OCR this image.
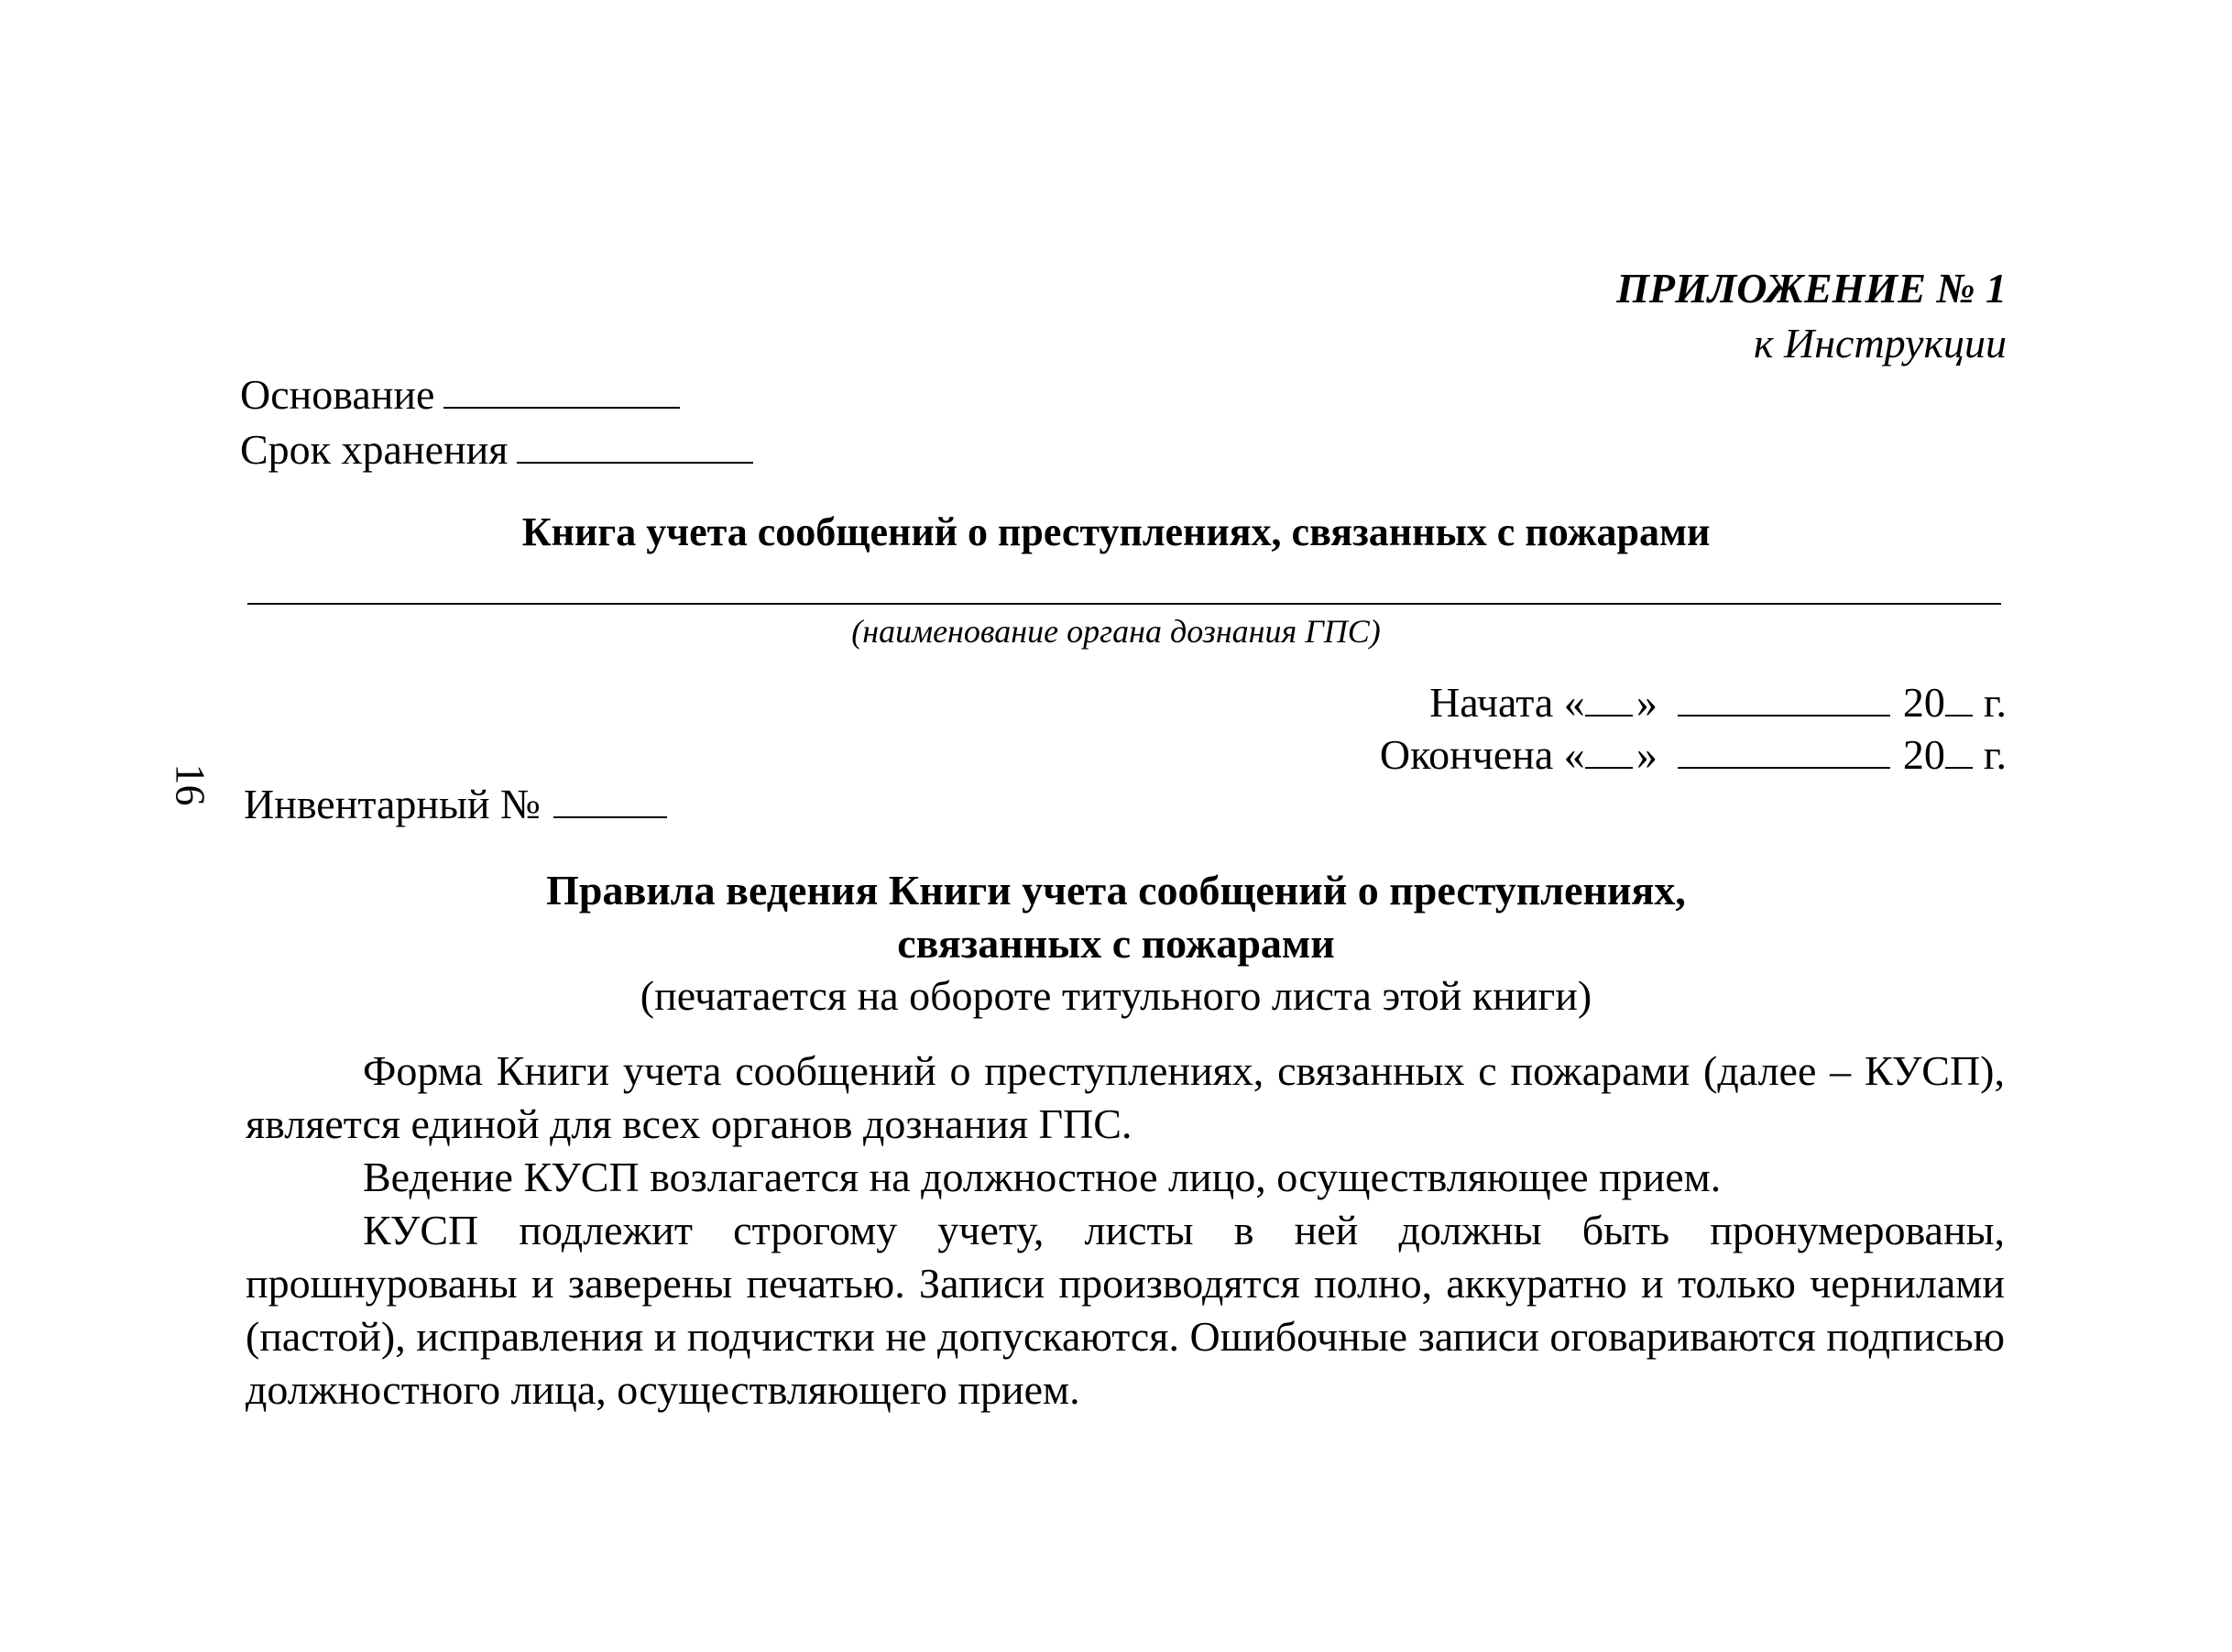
ПРИЛОЖЕНИЕ № 1
к Инструкции
Основание
Срок хранения
Книга учета сообщений о преступлениях, связанных с пожарами
(наименование органа дознания ГПС)
Начата « »	20 г.
Окончена « »	20 г.
16 Инвентарный №
Правила ведения Книги учета сообщений о преступлениях,
связанных с пожарами
(печатается на обороте титульного листа этой книги)

Форма Книги учета сообщений о преступлениях, связанных с пожарами (далее – КУСП), является единой для всех органов дознания ГПС.

Ведение КУСП возлагается на должностное лицо, осуществляющее прием.

КУСП подлежит строгому учету, листы в ней должны быть пронумерованы, прошнурованы и заверены печатью. Записи производятся полно, аккуратно и только чернилами (пастой), исправления и подчистки не допускаются. Ошибочные записи оговариваются подписью должностного лица, осуществляющего прием.
